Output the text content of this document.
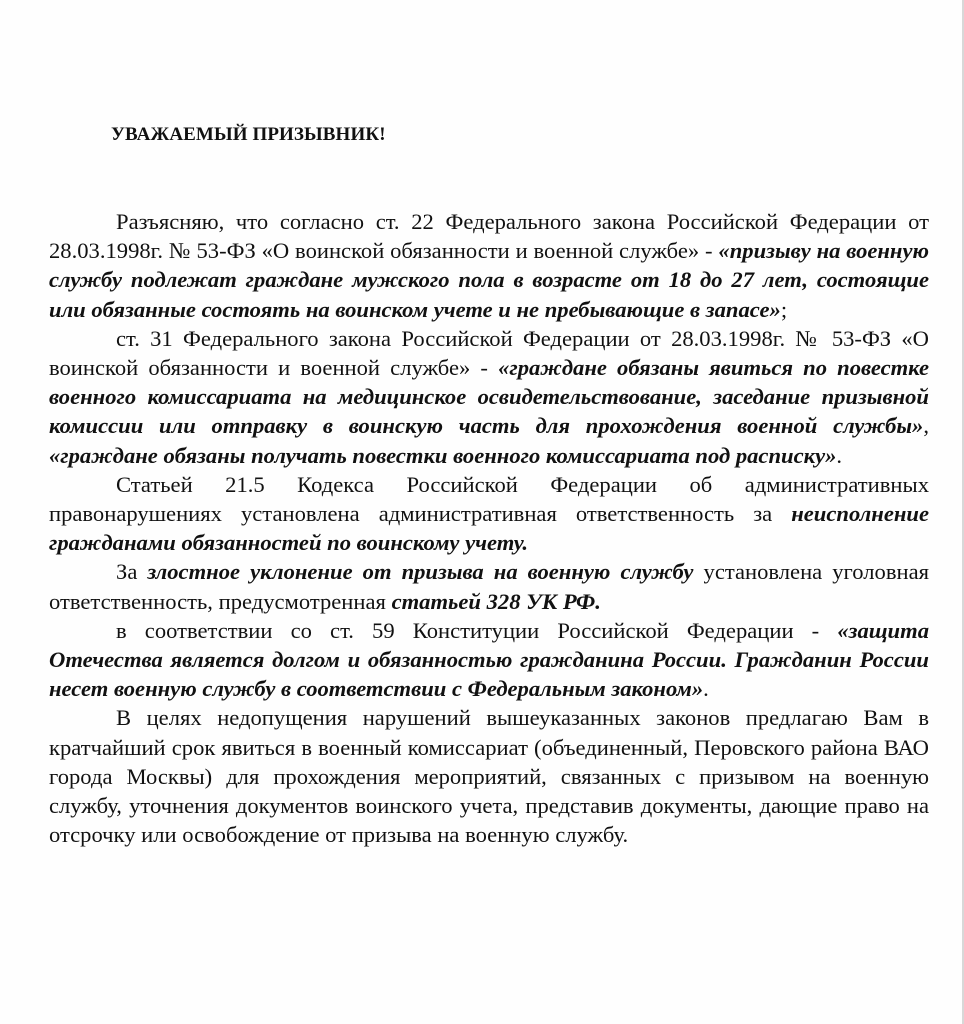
УВАЖАЕМЫЙ ПРИЗЫВНИК!

Разъясняю, что согласно ст. 22 Федерального закона Российской Федерации от 28.03.1998г. № 53-ФЗ «О воинской обязанности и военной службе» - «призыву на военную службу подлежат граждане мужского пола в возрасте от 18 до 27 лет, состоящие или обязанные состоять на воинском учете и не пребывающие в запасе»;

ст. 31 Федерального закона Российской Федерации от 28.03.1998г. № 53-ФЗ «О воинской обязанности и военной службе» - «граждане обязаны явиться по повестке военного комиссариата на медицинское освидетельствование, заседание призывной комиссии или отправку в воинскую часть для прохождения военной службы», «граждане обязаны получать повестки военного комиссариата под расписку».

Статьей 21.5 Кодекса Российской Федерации об административных правонарушениях установлена административная ответственность за неисполнение гражданами обязанностей по воинскому учету.

За злостное уклонение от призыва на военную службу установлена уголовная ответственность, предусмотренная статьей 328 УК РФ.

в соответствии со ст. 59 Конституции Российской Федерации - «защита Отечества является долгом и обязанностью гражданина России. Гражданин России несет военную службу в соответствии с Федеральным законом».

В целях недопущения нарушений вышеуказанных законов предлагаю Вам в кратчайший срок явиться в военный комиссариат (объединенный, Перовского района ВАО города Москвы) для прохождения мероприятий, связанных с призывом на военную службу, уточнения документов воинского учета, представив документы, дающие право на отсрочку или освобождение от призыва на военную службу.
